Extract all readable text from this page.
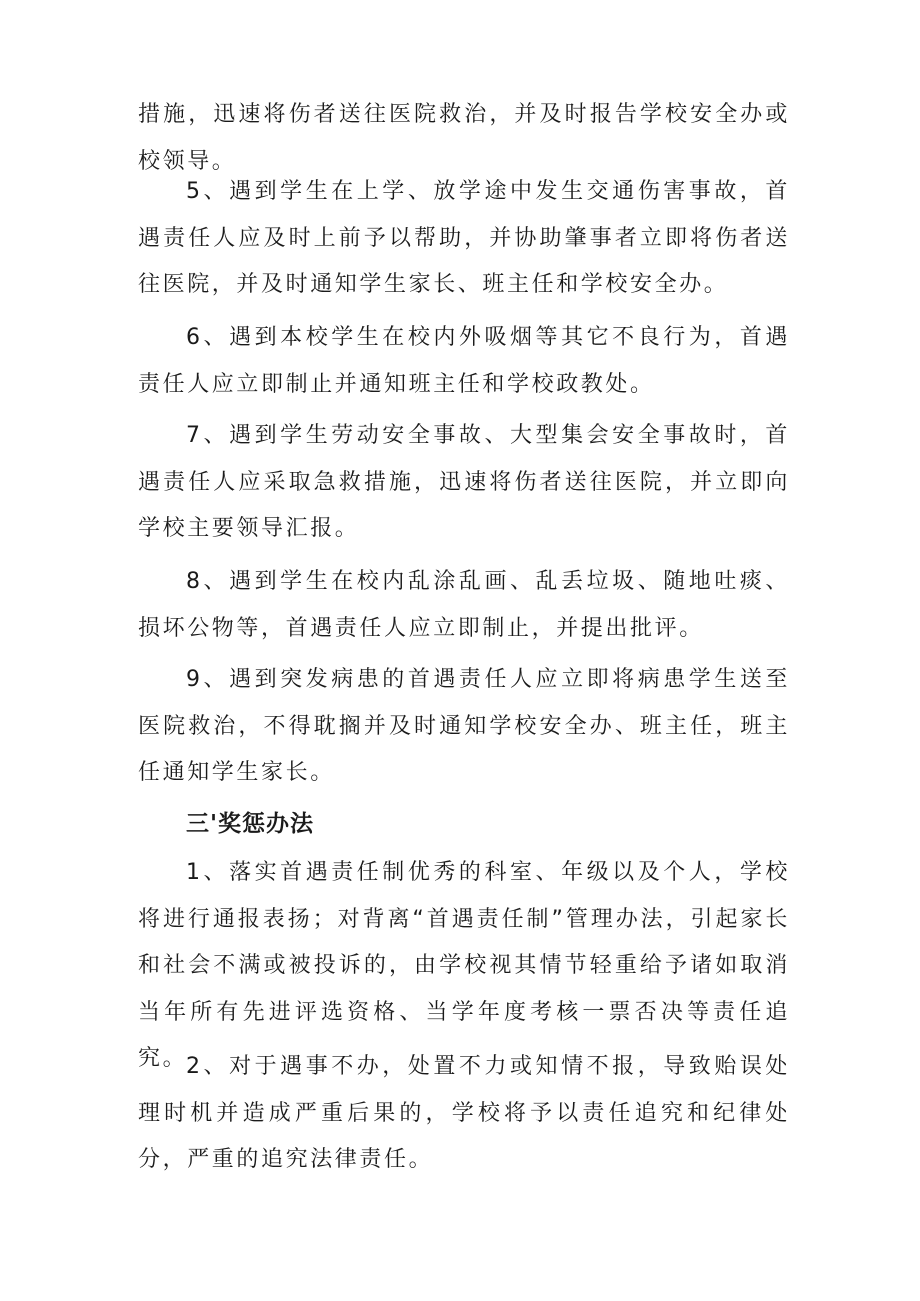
措施，迅速将伤者送往医院救治，并及时报告学校安全办或校领导。

5、遇到学生在上学、放学途中发生交通伤害事故，首遇责任人应及时上前予以帮助，并协助肇事者立即将伤者送往医院，并及时通知学生家长、班主任和学校安全办。

6、遇到本校学生在校内外吸烟等其它不良行为，首遇责任人应立即制止并通知班主任和学校政教处。

7、遇到学生劳动安全事故、大型集会安全事故时，首遇责任人应采取急救措施，迅速将伤者送往医院，并立即向学校主要领导汇报。

8、遇到学生在校内乱涂乱画、乱丢垃圾、随地吐痰、损坏公物等，首遇责任人应立即制止，并提出批评。

9、遇到突发病患的首遇责任人应立即将病患学生送至医院救治，不得耽搁并及时通知学校安全办、班主任，班主任通知学生家长。

三'奖惩办法

1、落实首遇责任制优秀的科室、年级以及个人，学校将进行通报表扬；对背离“首遇责任制”管理办法，引起家长和社会不满或被投诉的，由学校视其情节轻重给予诸如取消当年所有先进评选资格、当学年度考核一票否决等责任追究。

2、对于遇事不办，处置不力或知情不报，导致贻误处理时机并造成严重后果的，学校将予以责任追究和纪律处分，严重的追究法律责任。
